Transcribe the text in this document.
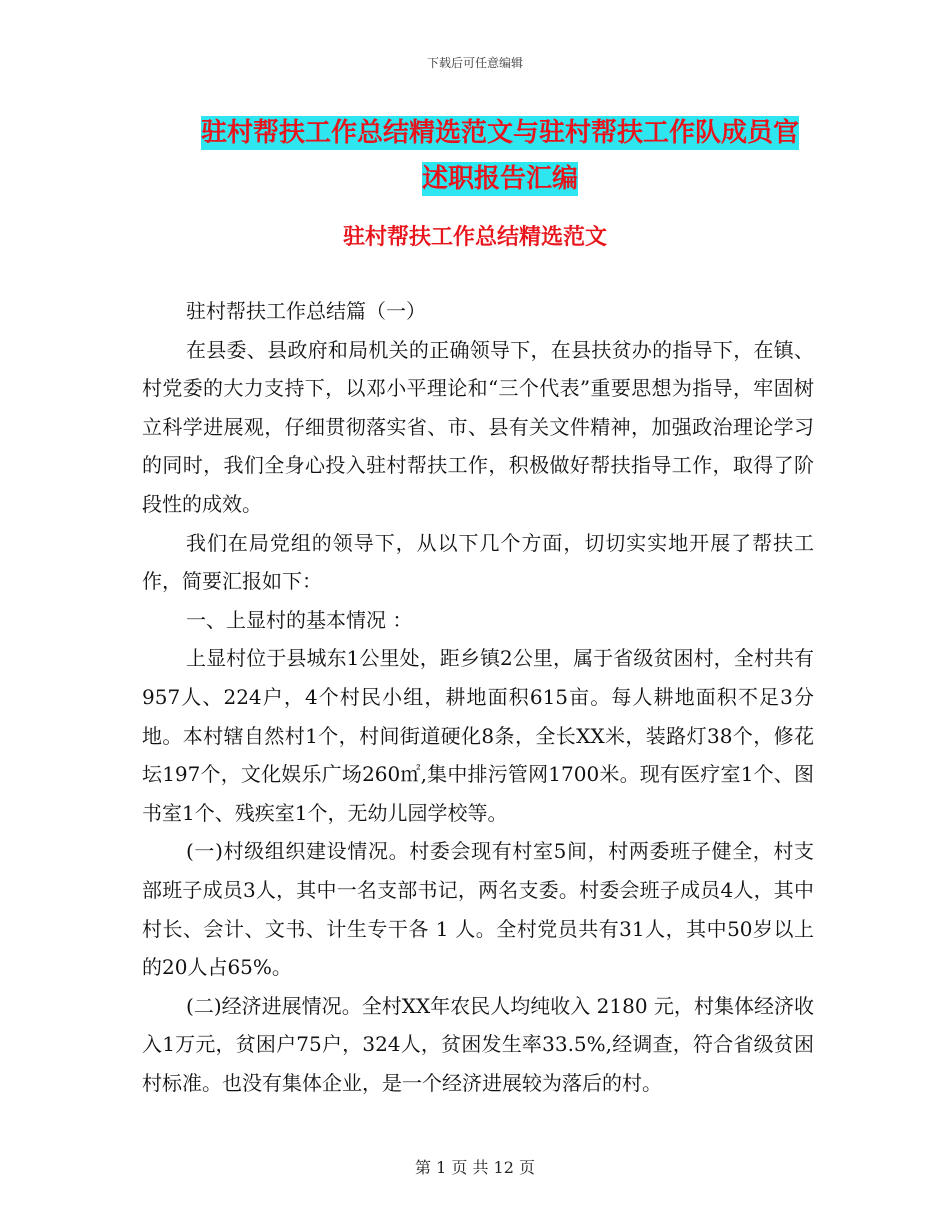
下载后可任意编辑
驻村帮扶工作总结精选范文与驻村帮扶工作队成员官
述职报告汇编
驻村帮扶工作总结精选范文

驻村帮扶工作总结篇（一）

在县委、县政府和局机关的正确领导下，在县扶贫办的指导下，在镇、村党委的大力支持下，以邓小平理论和“三个代表”重要思想为指导，牢固树立科学进展观，仔细贯彻落实省、市、县有关文件精神，加强政治理论学习的同时，我们全身心投入驻村帮扶工作，积极做好帮扶指导工作，取得了阶段性的成效。

我们在局党组的领导下，从以下几个方面，切切实实地开展了帮扶工作，简要汇报如下：

一、上显村的基本情况 ：

上显村位于县城东1公里处，距乡镇2公里，属于省级贫困村，全村共有957人、224户，4个村民小组，耕地面积615亩。每人耕地面积不足3分地。本村辖自然村1个，村间街道硬化8条，全长XX米，装路灯38个，修花坛197个，文化娱乐广场260㎡,集中排污管网1700米。现有医疗室1个、图书室1个、残疾室1个，无幼儿园学校等。

(一)村级组织建设情况。村委会现有村室5间，村两委班子健全，村支部班子成员3人，其中一名支部书记，两名支委。村委会班子成员4人，其中村长、会计、文书、计生专干各 1 人。全村党员共有31人，其中50岁以上的20人占65%。

(二)经济进展情况。全村XX年农民人均纯收入 2180 元，村集体经济收入1万元，贫困户75户，324人，贫困发生率33.5%,经调查，符合省级贫困村标准。也没有集体企业，是一个经济进展较为落后的村。

第 1 页 共 12 页
